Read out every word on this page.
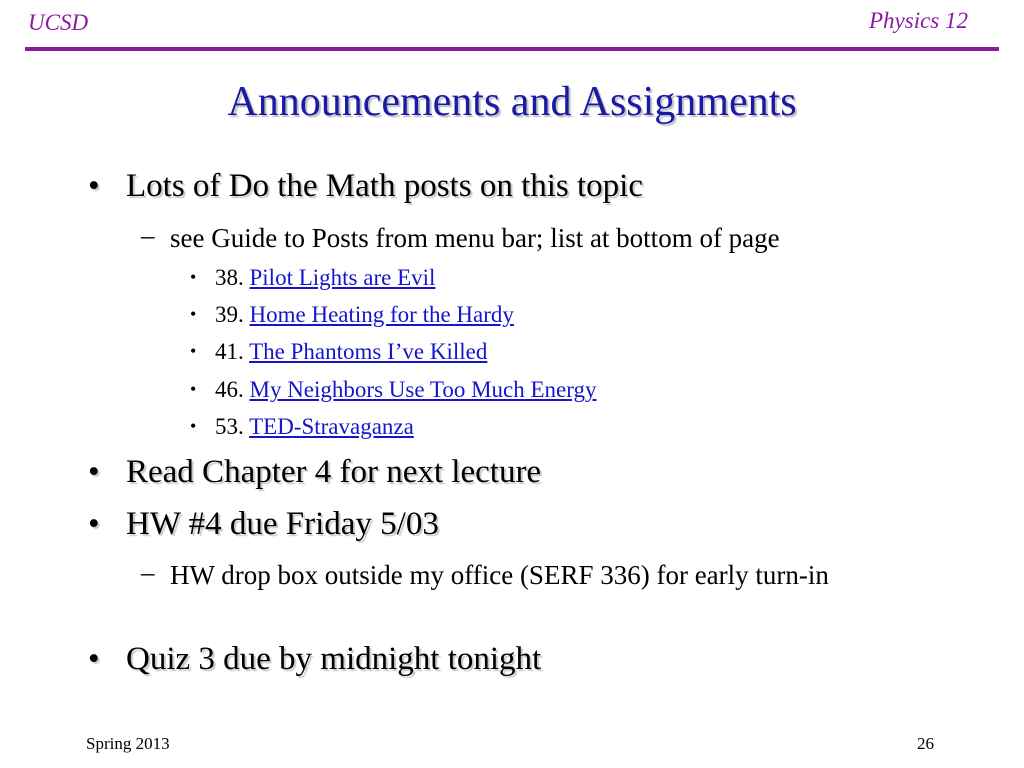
UCSD	Physics 12
Announcements and Assignments
• Lots of Do the Math posts on this topic
– see Guide to Posts from menu bar; list at bottom of page
• 38. Pilot Lights are Evil
• 39. Home Heating for the Hardy
• 41. The Phantoms I’ve Killed
• 46. My Neighbors Use Too Much Energy
• 53. TED-Stravaganza
• Read Chapter 4 for next lecture
• HW #4 due Friday 5/03
– HW drop box outside my office (SERF 336) for early turn-in
• Quiz 3 due by midnight tonight
Spring 2013	26
